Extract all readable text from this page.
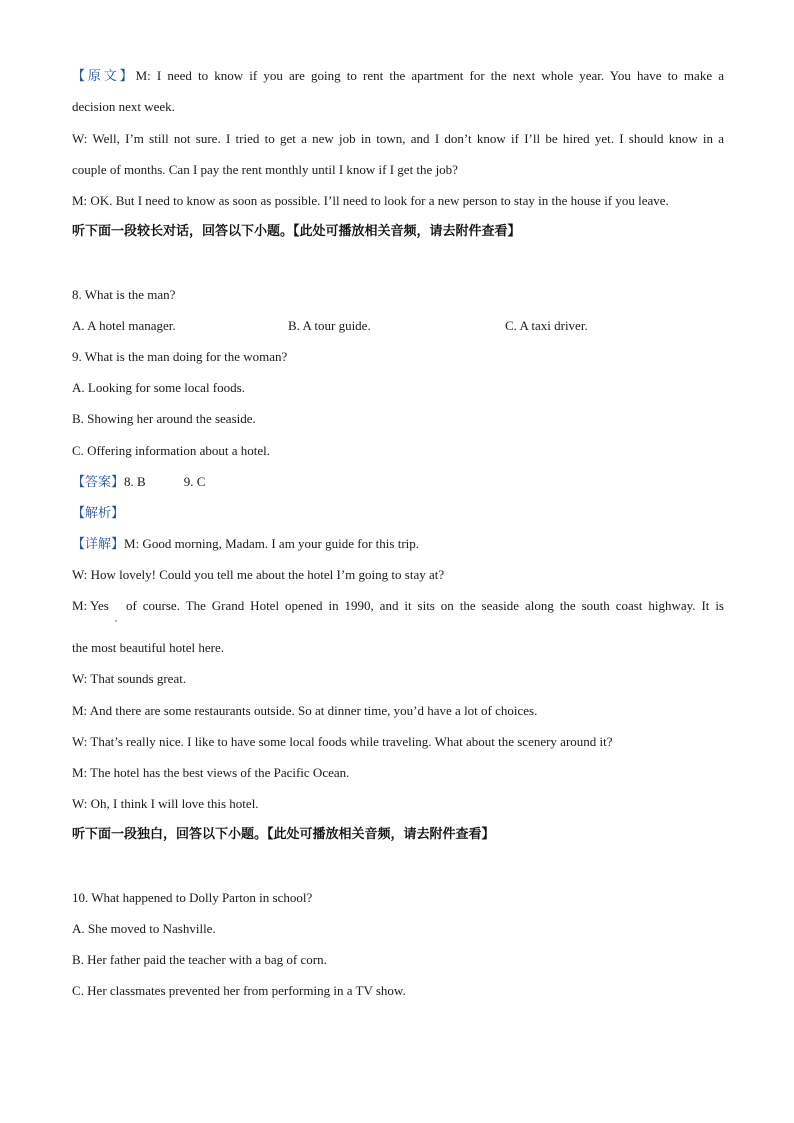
【原文】M: I need to know if you are going to rent the apartment for the next whole year. You have to make a
decision next week.
W: Well, I’m still not sure. I tried to get a new job in town, and I don’t know if I’ll be hired yet. I should know in a
couple of months. Can I pay the rent monthly until I know if I get the job?
M: OK. But I need to know as soon as possible. I’ll need to look for a new person to stay in the house if you leave.
听下面一段较长对话，回答以下小题。【此处可播放相关音频，请去附件查看】
8. What is the man?
A. A hotel manager.	B. A tour guide.	C. A taxi driver.
9. What is the man doing for the woman?
A. Looking for some local foods.
B. Showing her around the seaside.
C. Offering information about a hotel.
【答案】8. B	9. C
【解析】
【详解】M: Good morning, Madam. I am your guide for this trip.
W: How lovely! Could you tell me about the hotel I’m going to stay at?
M: Yes
,
of course. The Grand Hotel opened in 1990, and it sits on the seaside along the south coast highway. It is
the most beautiful hotel here.
W: That sounds great.
M: And there are some restaurants outside. So at dinner time, you’d have a lot of choices.
W: That’s really nice. I like to have some local foods while traveling. What about the scenery around it?
M: The hotel has the best views of the Pacific Ocean.
W: Oh, I think I will love this hotel.
听下面一段独白，回答以下小题。【此处可播放相关音频，请去附件查看】
10. What happened to Dolly Parton in school?
A. She moved to Nashville.
B. Her father paid the teacher with a bag of corn.
C. Her classmates prevented her from performing in a TV show.
